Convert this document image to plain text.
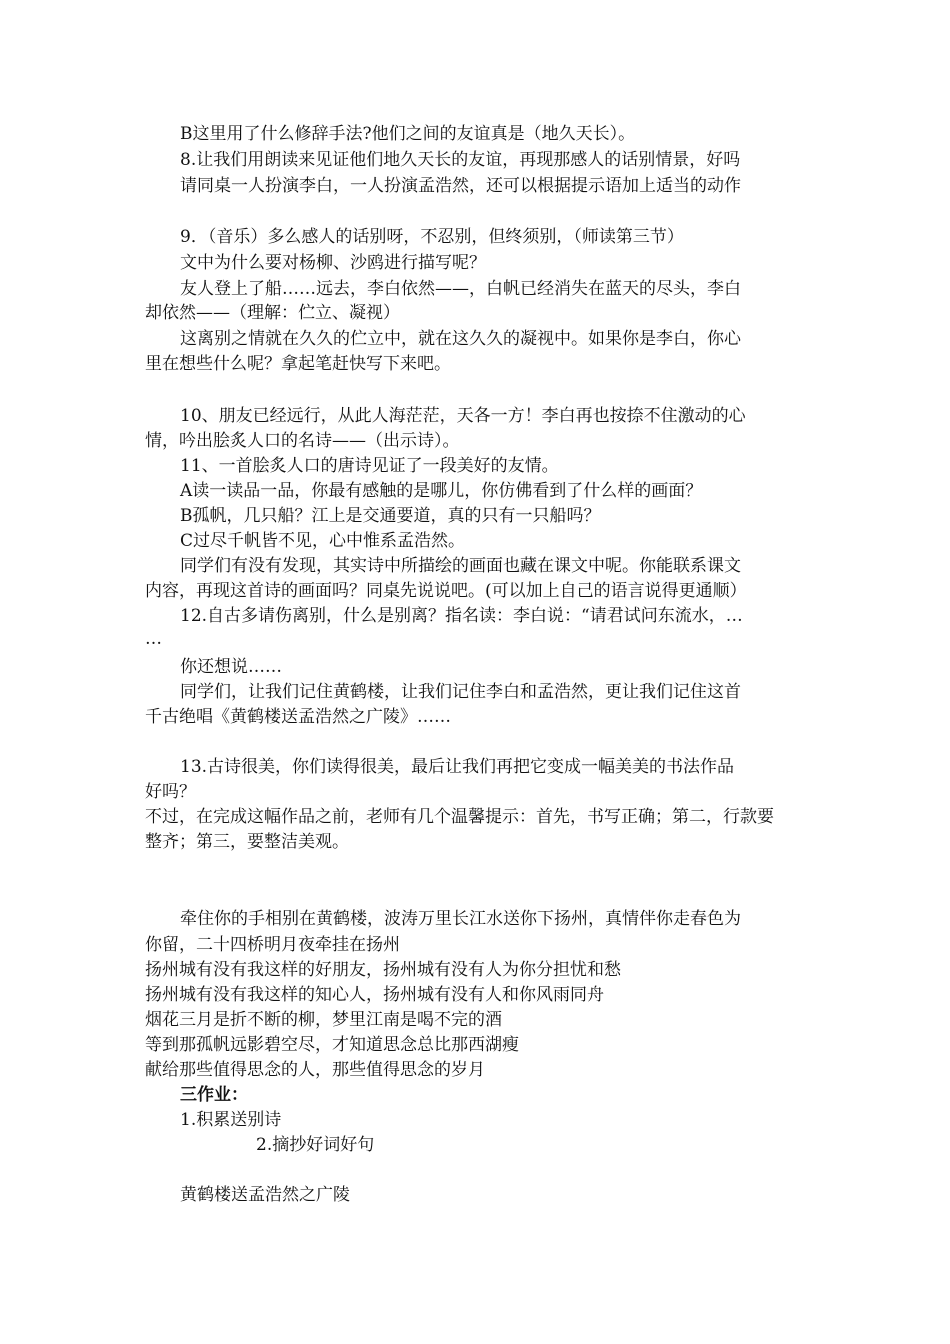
B这里用了什么修辞手法?他们之间的友谊真是（地久天长）。
8.让我们用朗读来见证他们地久天长的友谊，再现那感人的话别情景，好吗
请同桌一人扮演李白，一人扮演孟浩然，还可以根据提示语加上适当的动作
9．（音乐）多么感人的话别呀，不忍别，但终须别，（师读第三节）
文中为什么要对杨柳、沙鸥进行描写呢？
友人登上了船……远去，李白依然——，白帆已经消失在蓝天的尽头，李白
却依然——（理解：伫立、凝视）
这离别之情就在久久的伫立中，就在这久久的凝视中。如果你是李白，你心
里在想些什么呢？拿起笔赶快写下来吧。
10、朋友已经远行，从此人海茫茫，天各一方！李白再也按捺不住激动的心
情，吟出脍炙人口的名诗——（出示诗）。
11、一首脍炙人口的唐诗见证了一段美好的友情。
A读一读品一品，你最有感触的是哪儿，你仿佛看到了什么样的画面？
B孤帆，几只船？江上是交通要道，真的只有一只船吗？
C过尽千帆皆不见，心中惟系孟浩然。
同学们有没有发现，其实诗中所描绘的画面也藏在课文中呢。你能联系课文
内容，再现这首诗的画面吗？同桌先说说吧。(可以加上自己的语言说得更通顺）
12.自古多请伤离别，什么是别离？指名读：李白说：“请君试问东流水，…
…
你还想说……
同学们，让我们记住黄鹤楼，让我们记住李白和孟浩然，更让我们记住这首
千古绝唱《黄鹤楼送孟浩然之广陵》……
13.古诗很美，你们读得很美，最后让我们再把它变成一幅美美的书法作品
好吗？
不过，在完成这幅作品之前，老师有几个温馨提示：首先，书写正确；第二，行款要
整齐；第三，要整洁美观。
牵住你的手相别在黄鹤楼，波涛万里长江水送你下扬州，真情伴你走春色为
你留，二十四桥明月夜牵挂在扬州
扬州城有没有我这样的好朋友，扬州城有没有人为你分担忧和愁
扬州城有没有我这样的知心人，扬州城有没有人和你风雨同舟
烟花三月是折不断的柳，梦里江南是喝不完的酒
等到那孤帆远影碧空尽，才知道思念总比那西湖瘦
献给那些值得思念的人，那些值得思念的岁月
三作业：
1.积累送别诗
2.摘抄好词好句
黄鹤楼送孟浩然之广陵
